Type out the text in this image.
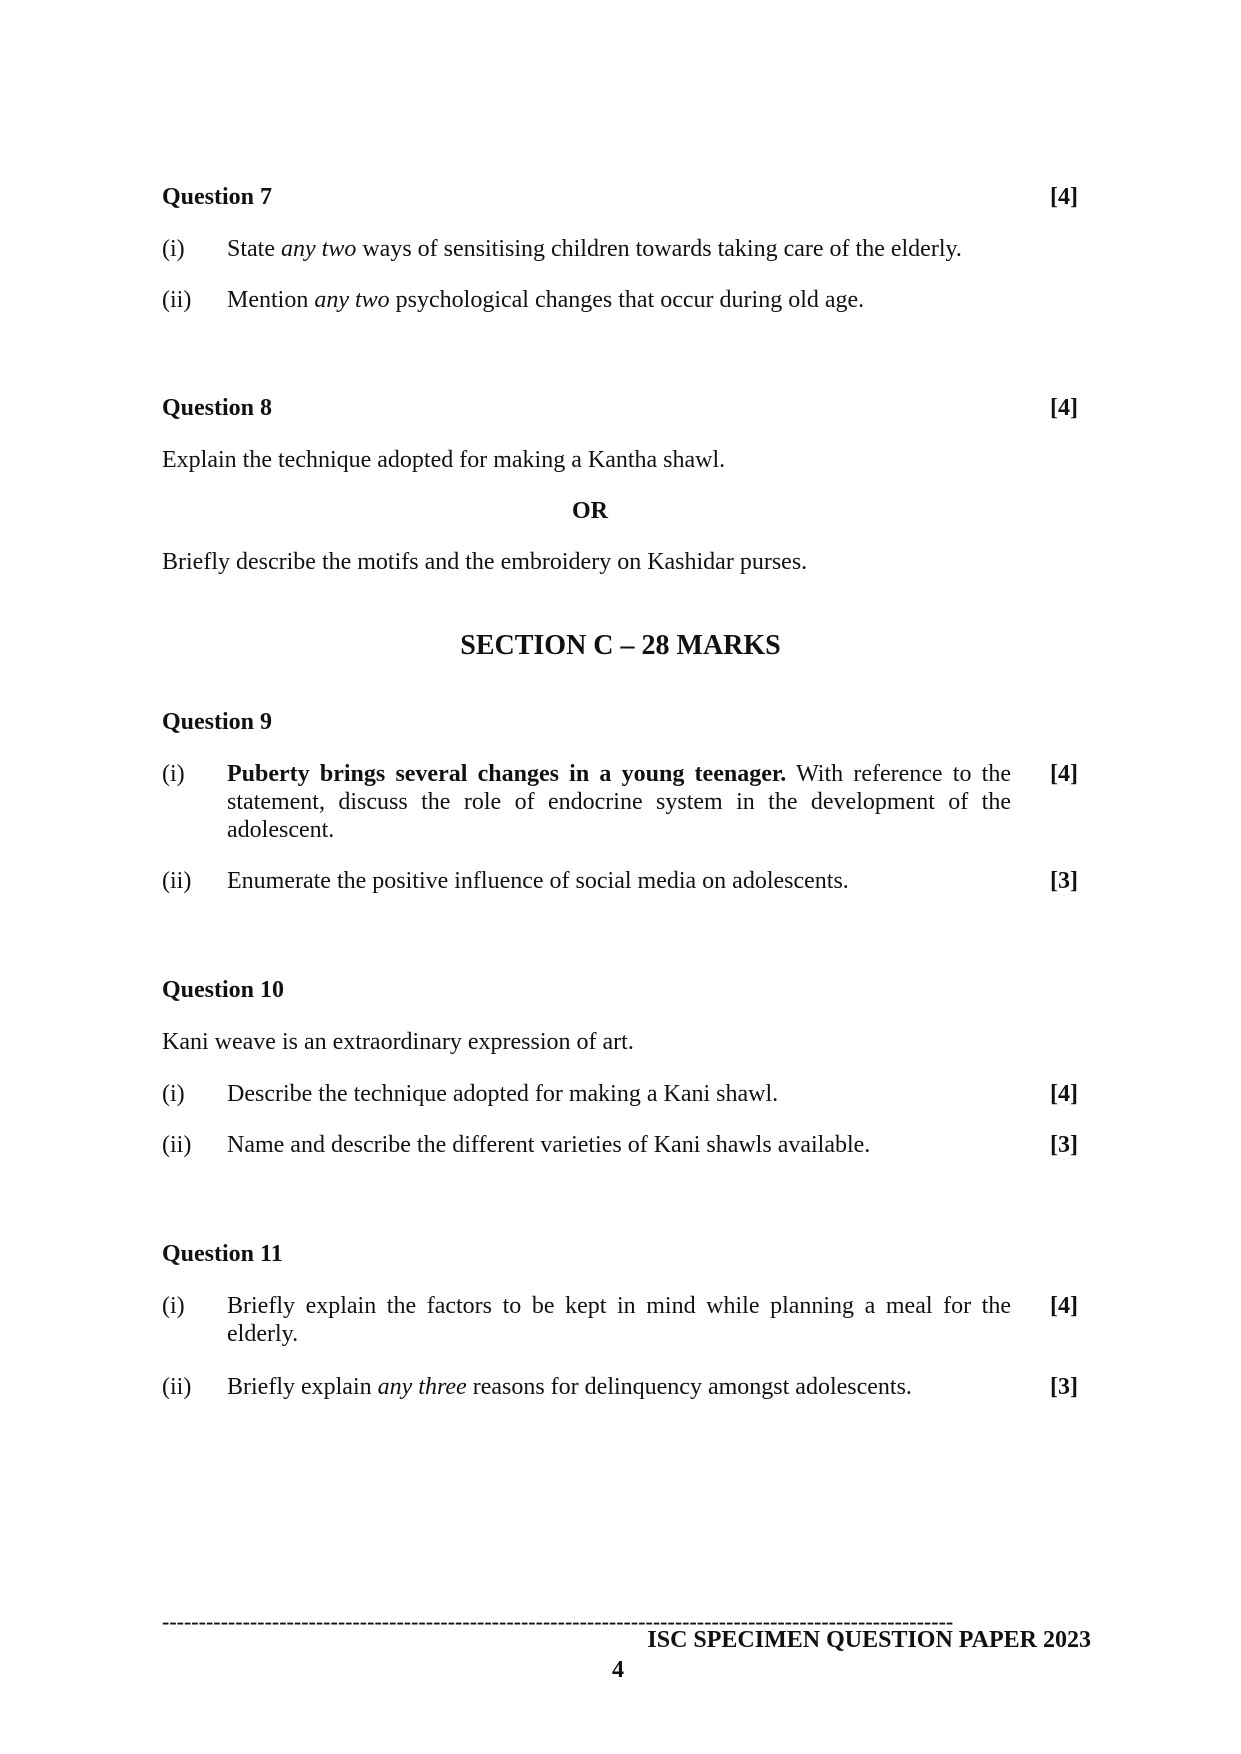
Question 7	[4]
(i) State any two ways of sensitising children towards taking care of the elderly.
(ii) Mention any two psychological changes that occur during old age.
Question 8	[4]
Explain the technique adopted for making a Kantha shawl.
OR
Briefly describe the motifs and the embroidery on Kashidar purses.
SECTION C – 28 MARKS
Question 9
(i) Puberty brings several changes in a young teenager. With reference to the statement, discuss the role of endocrine system in the development of the adolescent.
[4]
(ii) Enumerate the positive influence of social media on adolescents.	[3]
Question 10
Kani weave is an extraordinary expression of art.
(i) Describe the technique adopted for making a Kani shawl.	[4]
(ii) Name and describe the different varieties of Kani shawls available.	[3]
Question 11
(i) Briefly explain the factors to be kept in mind while planning a meal for the elderly.
[4]
(ii) Briefly explain any three reasons for delinquency amongst adolescents.	[3]
------------------------------------------------------------------------------------------------------------
ISC SPECIMEN QUESTION PAPER 2023
4
